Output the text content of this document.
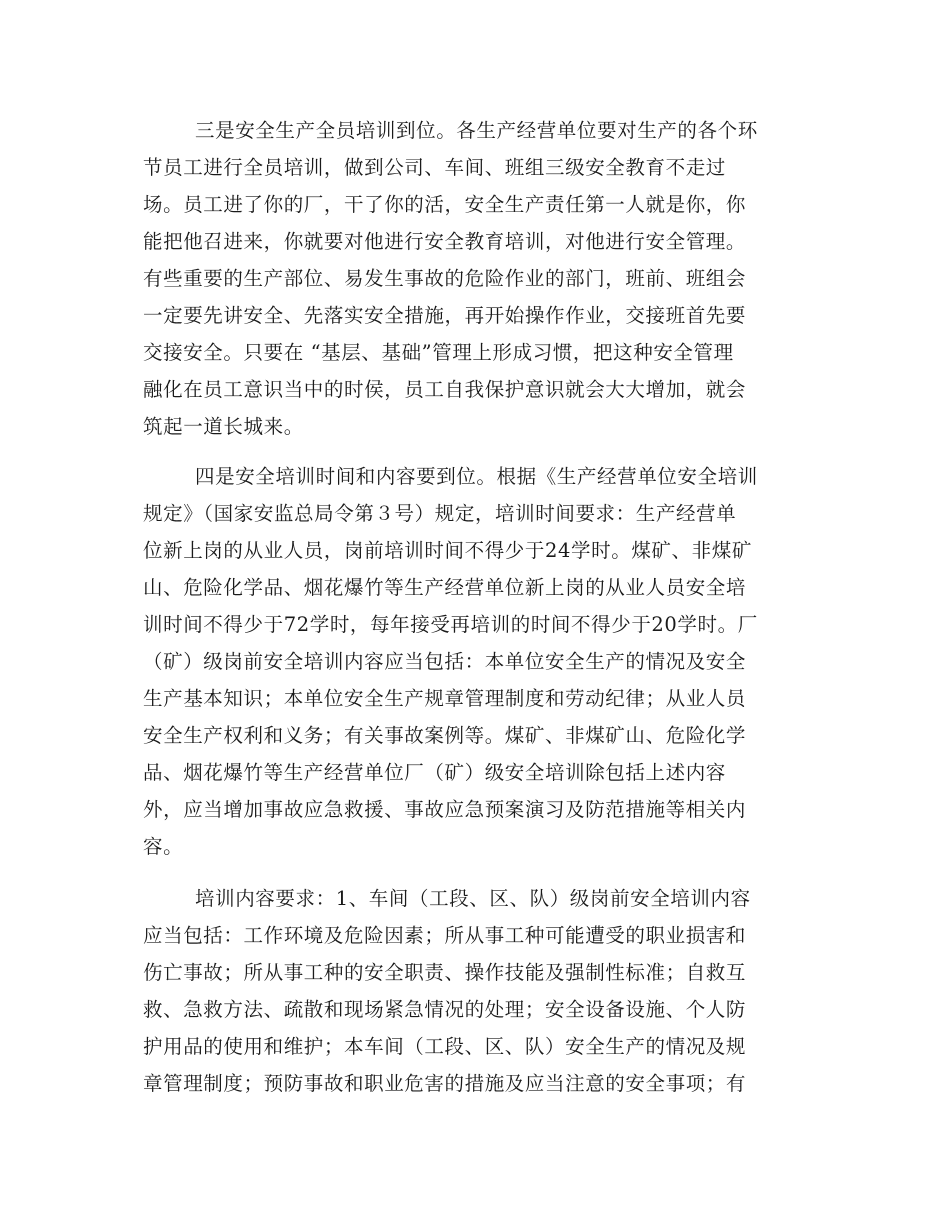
三是安全生产全员培训到位。各生产经营单位要对生产的各个环
节员工进行全员培训，做到公司、车间、班组三级安全教育不走过
场。员工进了你的厂，干了你的活，安全生产责任第一人就是你，你
能把他召进来，你就要对他进行安全教育培训，对他进行安全管理。
有些重要的生产部位、易发生事故的危险作业的部门，班前、班组会
一定要先讲安全、先落实安全措施，再开始操作作业，交接班首先要
交接安全。只要在 “基层、基础”管理上形成习惯，把这种安全管理
融化在员工意识当中的时侯，员工自我保护意识就会大大增加，就会
筑起一道长城来。
四是安全培训时间和内容要到位。根据《生产经营单位安全培训
规定》（国家安监总局令第３号）规定，培训时间要求：生产经营单
位新上岗的从业人员，岗前培训时间不得少于24学时。煤矿、非煤矿
山、危险化学品、烟花爆竹等生产经营单位新上岗的从业人员安全培
训时间不得少于72学时，每年接受再培训的时间不得少于20学时。厂
（矿）级岗前安全培训内容应当包括：本单位安全生产的情况及安全
生产基本知识；本单位安全生产规章管理制度和劳动纪律；从业人员
安全生产权利和义务；有关事故案例等。煤矿、非煤矿山、危险化学
品、烟花爆竹等生产经营单位厂（矿）级安全培训除包括上述内容
外，应当增加事故应急救援、事故应急预案演习及防范措施等相关内
容。
培训内容要求：1、车间（工段、区、队）级岗前安全培训内容
应当包括：工作环境及危险因素；所从事工种可能遭受的职业损害和
伤亡事故；所从事工种的安全职责、操作技能及强制性标准；自救互
救、急救方法、疏散和现场紧急情况的处理；安全设备设施、个人防
护用品的使用和维护；本车间（工段、区、队）安全生产的情况及规
章管理制度；预防事故和职业危害的措施及应当注意的安全事项；有
